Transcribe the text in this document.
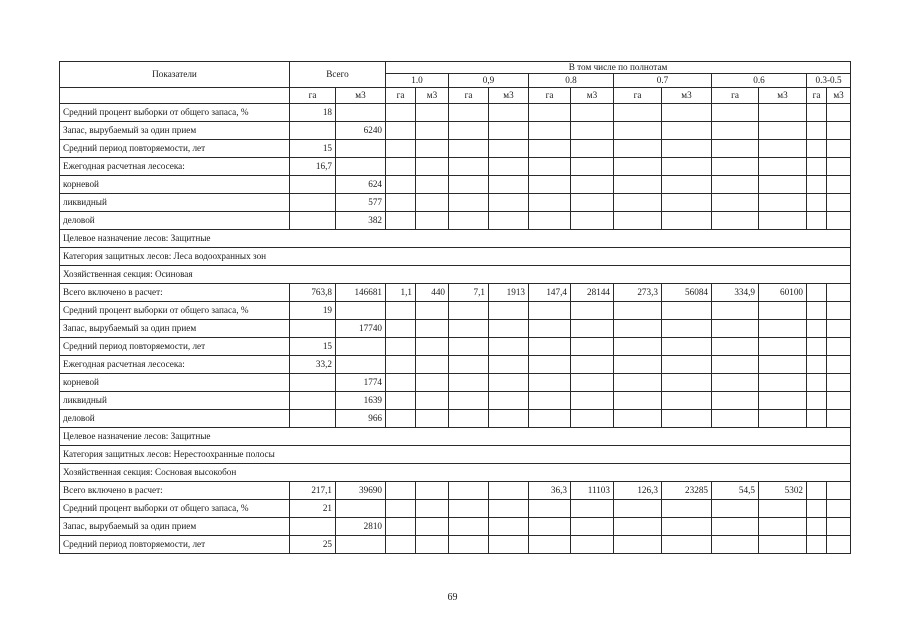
Показатели	Всего		В том числе по полнотам											
			1.0		0,9		0.8		0.7		0.6		0.3-0.5	
	га	м3	га	м3	га	м3	га	м3	га	м3	га	м3	га	м3
Средний процент выборки от общего запаса, %	18													
Запас, вырубаемый за один прием		6240												
Средний период повторяемости, лет	15													
Ежегодная расчетная лесосека:	16,7													
корневой		624												
ликвидный		577												
деловой		382												
Целевое назначение лесов: Защитные														
Категория защитных лесов: Леса водоохранных зон														
Хозяйственная секция: Осиновая														
Всего включено в расчет:	763,8	146681	1,1	440	7,1	1913	147,4	28144	273,3	56084	334,9	60100		
Средний процент выборки от общего запаса, %	19													
Запас, вырубаемый за один прием		17740												
Средний период повторяемости, лет	15													
Ежегодная расчетная лесосека:	33,2													
корневой		1774												
ликвидный		1639												
деловой		966												
Целевое назначение лесов: Защитные														
Категория защитных лесов: Нерестоохранные полосы														
Хозяйственная секция: Сосновая высокобон														
Всего включено в расчет:	217,1	39690					36,3	11103	126,3	23285	54,5	5302		
Средний процент выборки от общего запаса, %	21													
Запас, вырубаемый за один прием		2810												
Средний период повторяемости, лет	25													
69
